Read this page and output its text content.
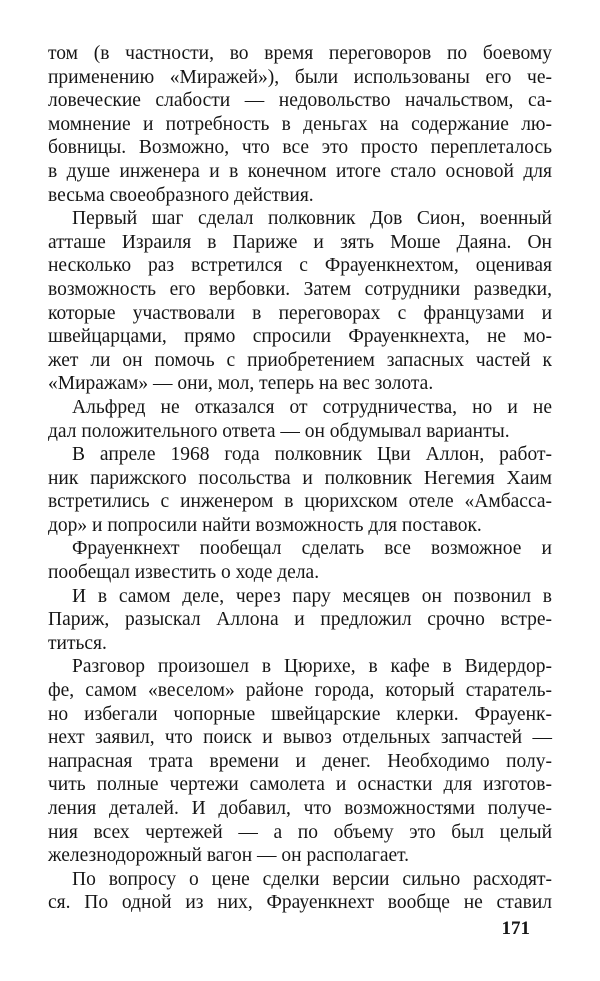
том (в частности, во время переговоров по боевому
применению «Миражей»), были использованы его че-
ловеческие слабости — недовольство начальством, са-
момнение и потребность в деньгах на содержание лю-
бовницы. Возможно, что все это просто переплеталось
в душе инженера и в конечном итоге стало основой для
весьма своеобразного действия.
Первый шаг сделал полковник Дов Сион, военный
атташе Израиля в Париже и зять Моше Даяна. Он
несколько раз встретился с Фрауенкнехтом, оценивая
возможность его вербовки. Затем сотрудники разведки,
которые участвовали в переговорах с французами и
швейцарцами, прямо спросили Фрауенкнехта, не мо-
жет ли он помочь с приобретением запасных частей к
«Миражам» — они, мол, теперь на вес золота.
Альфред не отказался от сотрудничества, но и не
дал положительного ответа — он обдумывал варианты.
В апреле 1968 года полковник Цви Аллон, работ-
ник парижского посольства и полковник Негемия Хаим
встретились с инженером в цюрихском отеле «Амбасса-
дор» и попросили найти возможность для поставок.
Фрауенкнехт пообещал сделать все возможное и
пообещал известить о ходе дела.
И в самом деле, через пару месяцев он позвонил в
Париж, разыскал Аллона и предложил срочно встре-
титься.
Разговор произошел в Цюрихе, в кафе в Видердор-
фе, самом «веселом» районе города, который старатель-
но избегали чопорные швейцарские клерки. Фрауенк-
нехт заявил, что поиск и вывоз отдельных запчастей —
напрасная трата времени и денег. Необходимо полу-
чить полные чертежи самолета и оснастки для изготов-
ления деталей. И добавил, что возможностями получе-
ния всех чертежей — а по объему это был целый
железнодорожный вагон — он располагает.
По вопросу о цене сделки версии сильно расходят-
ся. По одной из них, Фрауенкнехт вообще не ставил
171
